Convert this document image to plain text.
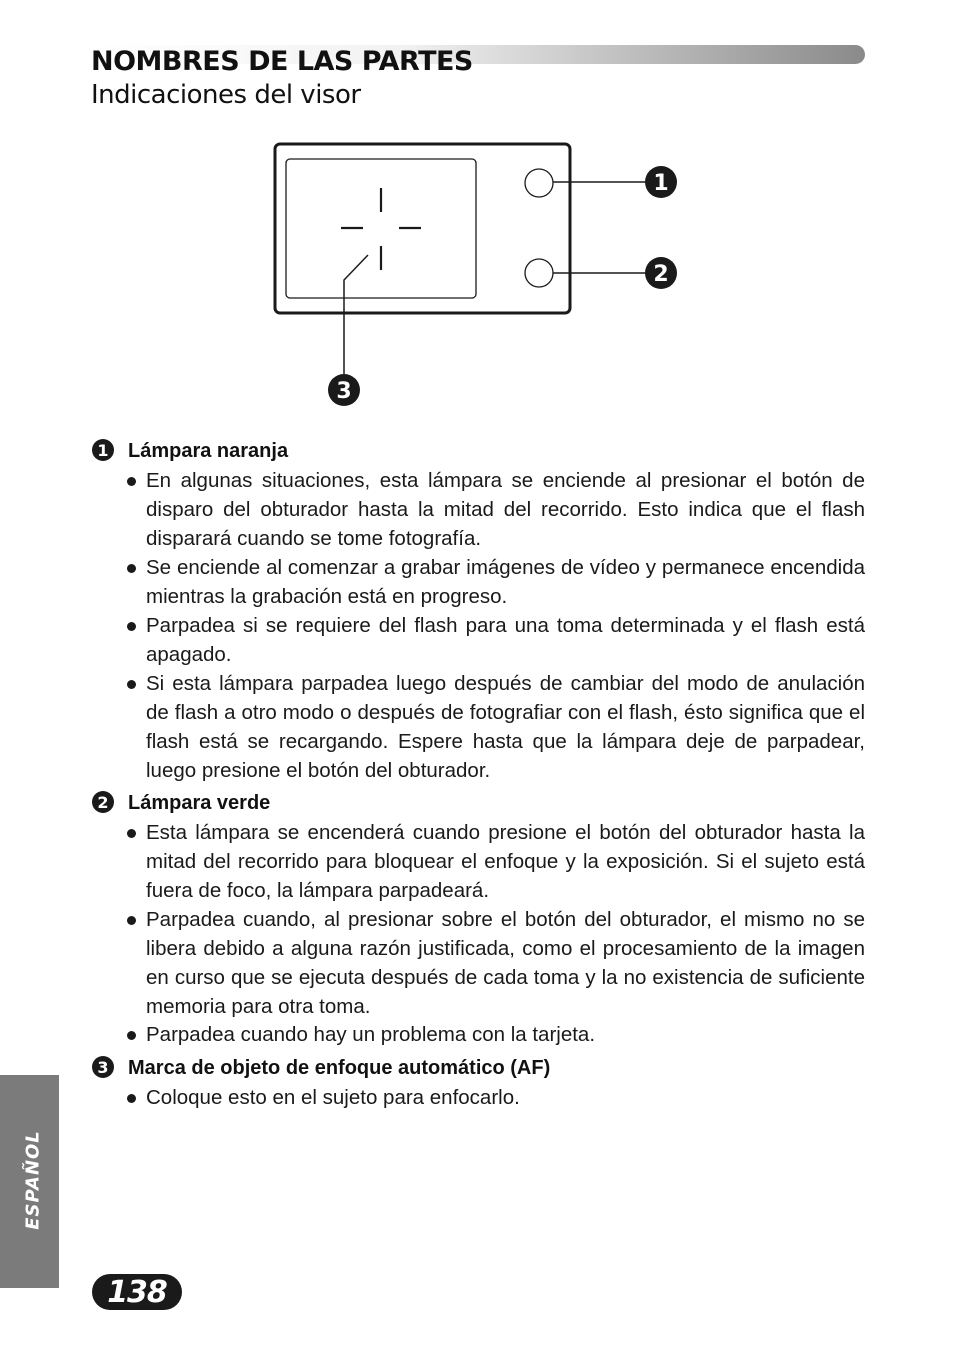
NOMBRES DE LAS PARTES
Indicaciones del visor
1
2
3
1 Lámpara naranja
En algunas situaciones, esta lámpara se enciende al presionar el botón de disparo del obturador hasta la mitad del recorrido. Esto indica que el flash disparará cuando se tome fotografía.
Se enciende al comenzar a grabar imágenes de vídeo y permanece encendida mientras la grabación está en progreso.
Parpadea si se requiere del flash para una toma determinada y el flash está apagado.
Si esta lámpara parpadea luego después de cambiar del modo de anulación de flash a otro modo o después de fotografiar con el flash, ésto significa que el flash está se recargando. Espere hasta que la lámpara deje de parpadear, luego presione el botón del obturador.
2 Lámpara verde
Esta lámpara se encenderá cuando presione el botón del obturador hasta la mitad del recorrido para bloquear el enfoque y la exposición. Si el sujeto está fuera de foco, la lámpara parpadeará.
Parpadea cuando, al presionar sobre el botón del obturador, el mismo no se libera debido a alguna razón justificada, como el procesamiento de la imagen en curso que se ejecuta después de cada toma y la no existencia de suficiente memoria para otra toma.
Parpadea cuando hay un problema con la tarjeta.
3 Marca de objeto de enfoque automático (AF)
Coloque esto en el sujeto para enfocarlo.
ESPAÑOL
138
